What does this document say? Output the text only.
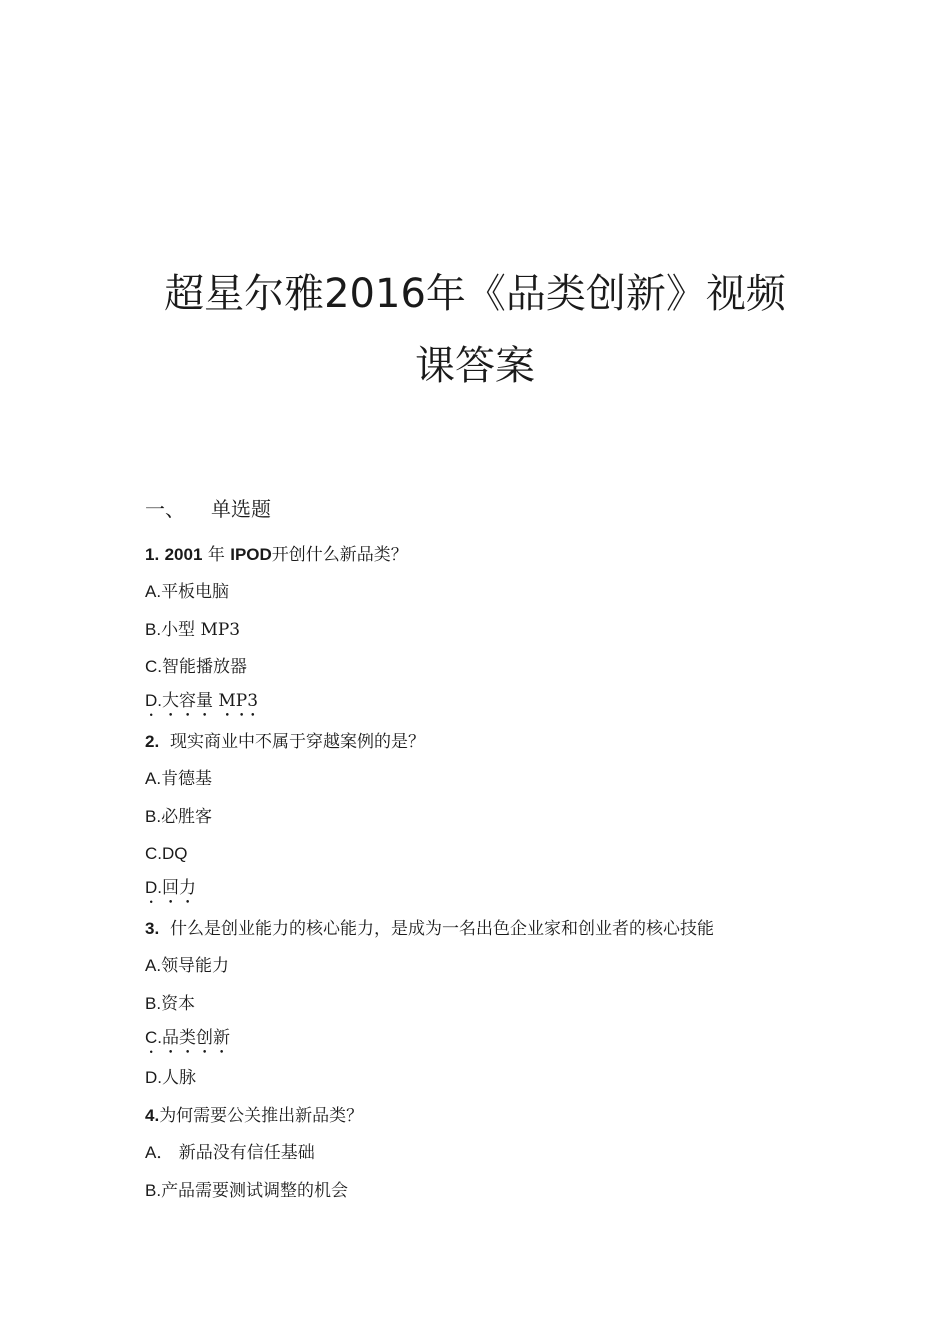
超星尔雅2016年《品类创新》视频
课答案
一、 单选题
1. 2001 年 IPOD开创什么新品类？
A.平板电脑
B.小型 MP3
C.智能播放器
D.大容量 MP3
2. 现实商业中不属于穿越案例的是？
A.肯德基
B.必胜客
C.DQ
D.回力
3. 什么是创业能力的核心能力，是成为一名出色企业家和创业者的核心技能
A.领导能力
B.资本
C.品类创新
D.人脉
4.为何需要公关推出新品类？
A． 新品没有信任基础
B.产品需要测试调整的机会
